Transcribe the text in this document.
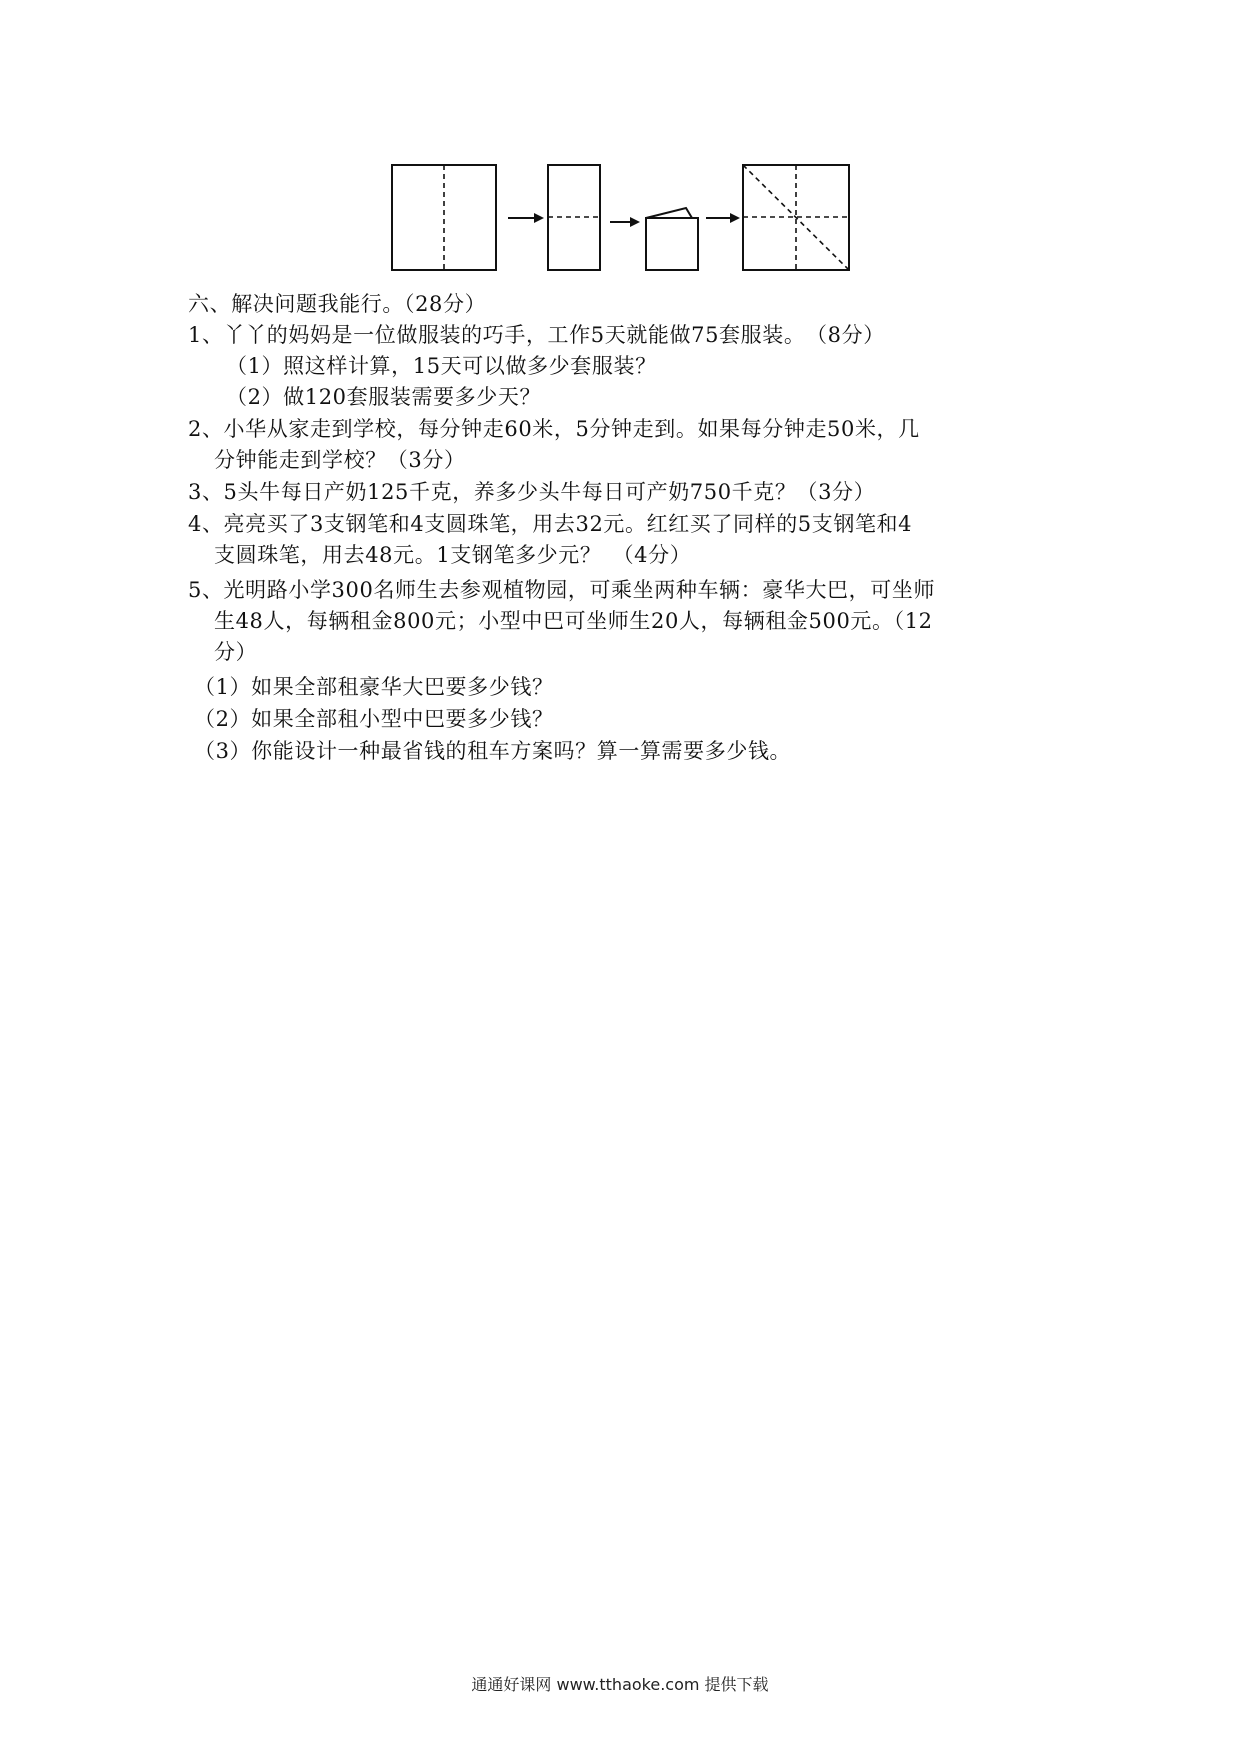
六、解决问题我能行。（28分）
1、丫丫的妈妈是一位做服装的巧手，工作5天就能做75套服装。　（8分）
（1）照这样计算，15天可以做多少套服装？
（2）做120套服装需要多少天？
2、小华从家走到学校，每分钟走60米，5分钟走到。如果每分钟走50米，几
分钟能走到学校？（3分）
3、5头牛每日产奶125千克，养多少头牛每日可产奶750千克？（3分）
4、亮亮买了3支钢笔和4支圆珠笔，用去32元。红红买了同样的5支钢笔和4
支圆珠笔，用去48元。1支钢笔多少元？　（4分）
5、光明路小学300名师生去参观植物园，可乘坐两种车辆：豪华大巴，可坐师
生48人，每辆租金800元；小型中巴可坐师生20人，每辆租金500元。（12
分）
（1）如果全部租豪华大巴要多少钱？
（2）如果全部租小型中巴要多少钱？
（3）你能设计一种最省钱的租车方案吗？算一算需要多少钱。
通通好课网 www.tthaoke.com 提供下载
